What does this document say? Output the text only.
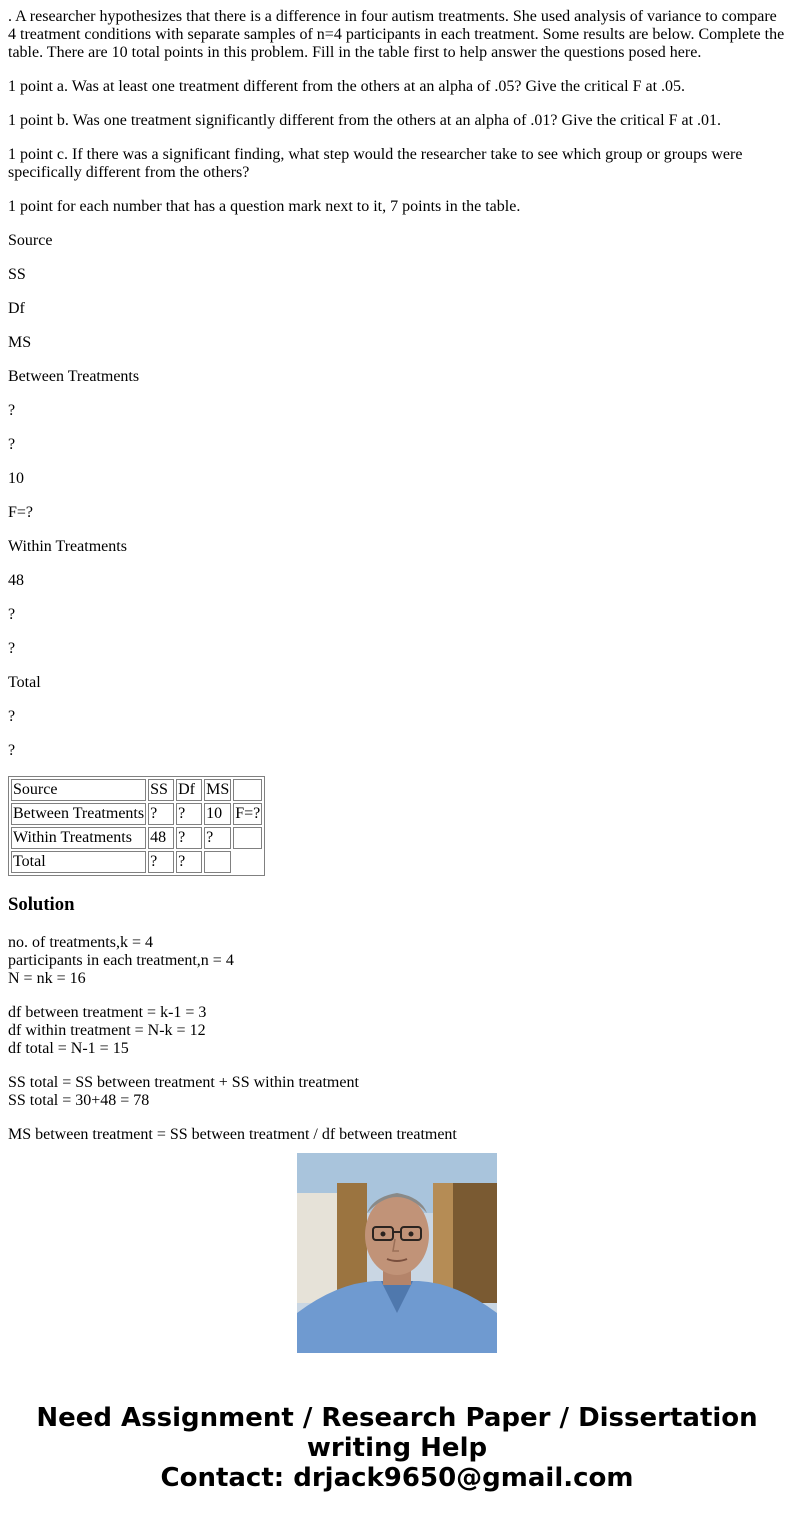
. A researcher hypothesizes that there is a difference in four autism treatments. She used analysis of variance to compare 4 treatment conditions with separate samples of n=4 participants in each treatment. Some results are below. Complete the table. There are 10 total points in this problem. Fill in the table first to help answer the questions posed here.

1 point a. Was at least one treatment different from the others at an alpha of .05? Give the critical F at .05.

1 point b. Was one treatment significantly different from the others at an alpha of .01? Give the critical F at .01.

1 point c. If there was a significant finding, what step would the researcher take to see which group or groups were specifically different from the others?

1 point for each number that has a question mark next to it, 7 points in the table.

Source

SS

Df

MS

Between Treatments

?

?

10

F=?

Within Treatments

48

?

?

Total

?

?

Source	SS	Df	MS	
Between Treatments	?	?	10	F=?
Within Treatments	48	?	?	
Total	?	?		
Solution
no. of treatments,k = 4
participants in each treatment,n = 4
N = nk = 16
df between treatment = k-1 = 3
df within treatment = N-k = 12
df total = N-1 = 15
SS total = SS between treatment + SS within treatment
SS total = 30+48 = 78
MS between treatment = SS between treatment / df between treatment
Need Assignment / Research Paper / Dissertation
writing Help
Contact: drjack9650@gmail.com
